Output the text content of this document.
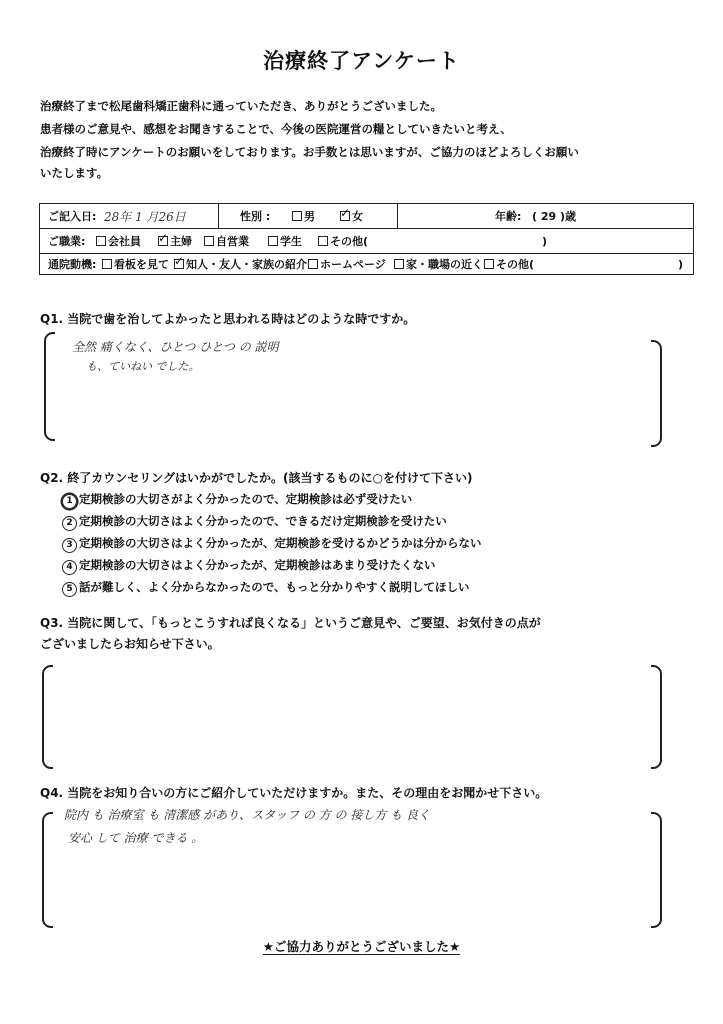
治療終了アンケート
治療終了まで松尾歯科矯正歯科に通っていただき、ありがとうございました。
患者様のご意見や、感想をお聞きすることで、今後の医院運営の糧としていきたいと考え、
治療終了時にアンケートのお願いをしております。お手数とは思いますが、ご協力のほどよろしくお願い
いたします。
ご記入日: 28年 1 月26日	性別 :	男 ✓	女	年齢: ( 29 )歳
ご職業: 会社員 ✓	主婦 自営業	学生	その他(	)
通院動機: 看板を見て ✓ 知人・友人・家族の紹介 ホームページ 家・職場の近く その他(	)
Q1. 当院で歯を治してよかったと思われる時はどのような時ですか。
全然 痛くなく、ひとつ ひとつ の 説明
も、ていねい でした。
Q2. 終了カウンセリングはいかがでしたか。(該当するものに○を付けて下さい)
1 定期検診の大切さがよく分かったので、定期検診は必ず受けたい
2 定期検診の大切さはよく分かったので、できるだけ定期検診を受けたい
3 定期検診の大切さはよく分かったが、定期検診を受けるかどうかは分からない
4 定期検診の大切さはよく分かったが、定期検診はあまり受けたくない
5 話が難しく、よく分からなかったので、もっと分かりやすく説明してほしい
Q3. 当院に関して、「もっとこうすれば良くなる」というご意見や、ご要望、お気付きの点が
ございましたらお知らせ下さい。
Q4. 当院をお知り合いの方にご紹介していただけますか。また、その理由をお聞かせ下さい。
院内 も 治療室 も 清潔感 があり、スタッフ の 方 の 接し方 も 良く
安心 して 治療 できる 。
★ご協力ありがとうございました★
